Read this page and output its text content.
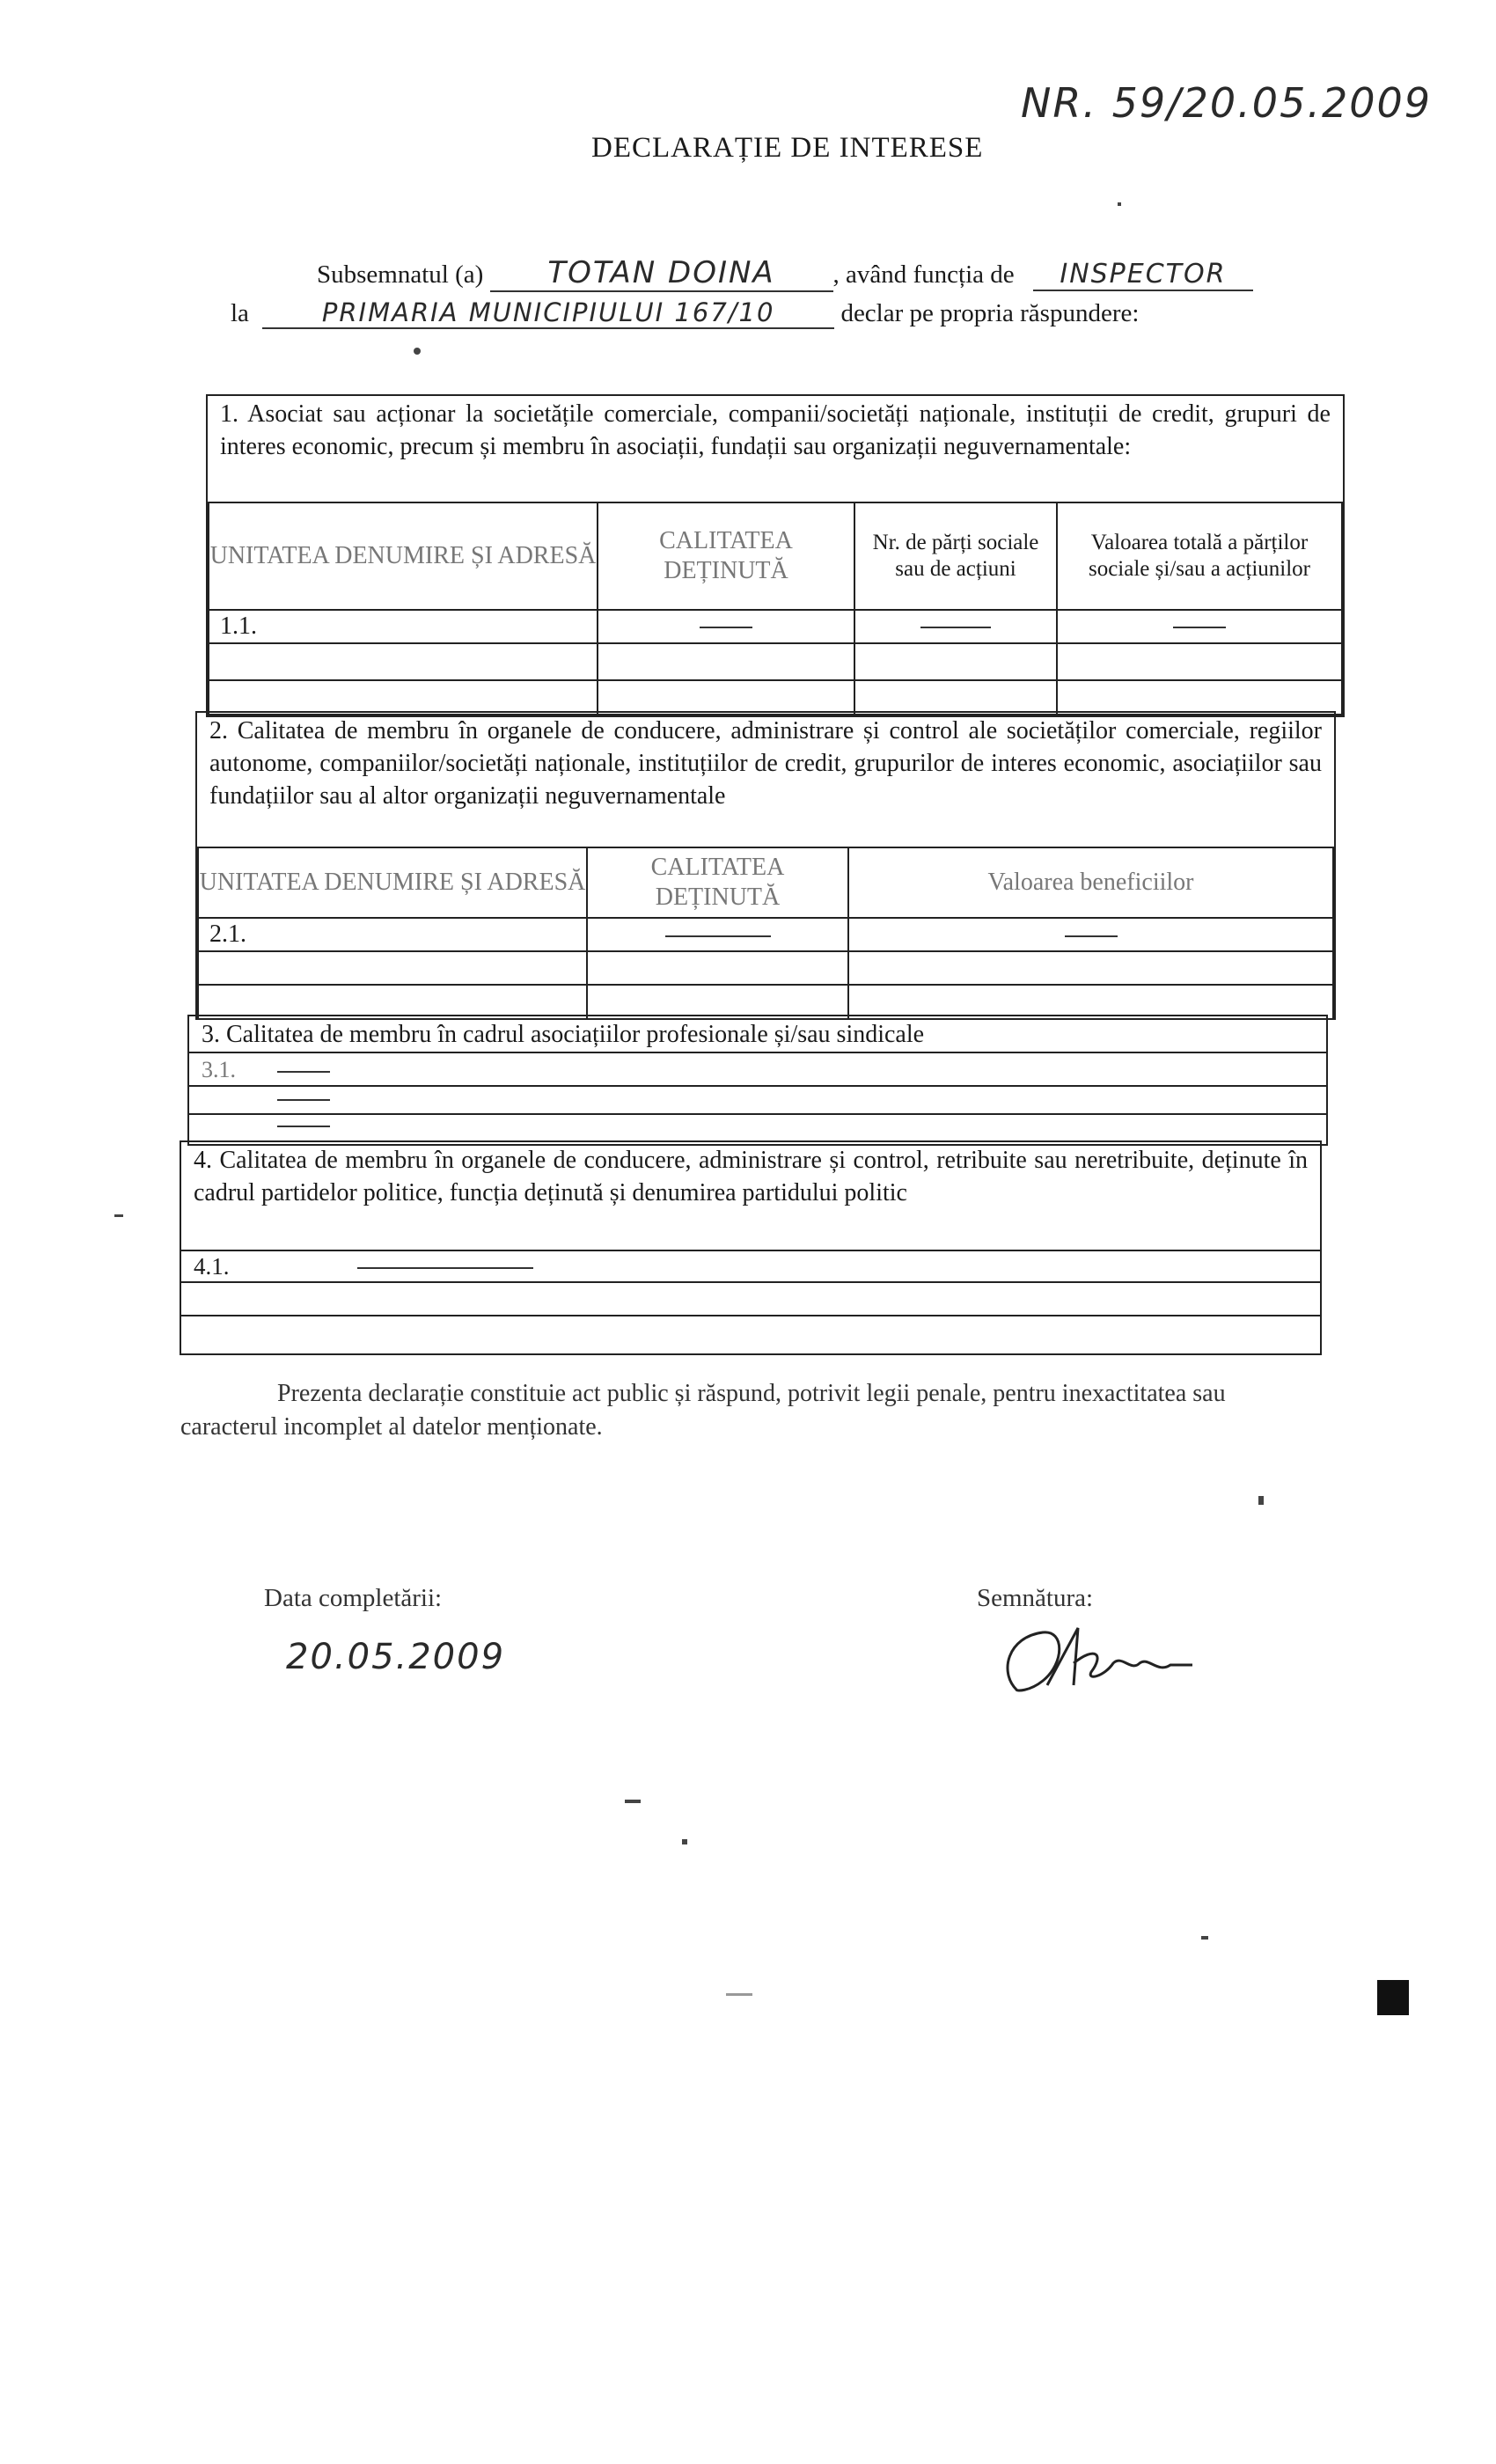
DECLARAȚIE DE INTERESE
NR. 59/20.05.2009
Subsemnatul (a) TOTAN DOINA , având funcția de INSPECTOR
la	PRIMARIA MUNICIPIULUI 167/10	declar pe propria răspundere:
1. Asociat sau acționar la societățile comerciale, companii/societăți naționale, instituții de credit, grupuri de interes economic, precum și membru în asociații, fundații sau organizații neguvernamentale:
UNITATEA DENUMIRE ȘI ADRESĂ	CALITATEA DEȚINUTĂ	Nr. de părți sociale sau de acțiuni	Valoarea totală a părților sociale și/sau a acțiunilor

1.1.			

2. Calitatea de membru în organele de conducere, administrare și control ale societăților comerciale, regiilor autonome, companiilor/societăți naționale, instituțiilor de credit, grupurilor de interes economic, asociațiilor sau fundațiilor sau al altor organizații neguvernamentale
UNITATEA DENUMIRE ȘI ADRESĂ	CALITATEA DEȚINUTĂ	Valoarea beneficiilor
2.1.		

3. Calitatea de membru în cadrul asociațiilor profesionale și/sau sindicale
3.1.
4. Calitatea de membru în organele de conducere, administrare și control, retribuite sau neretribuite, deținute în cadrul partidelor politice, funcția deținută și denumirea partidului politic
4.1.
Prezenta declarație constituie act public și răspund, potrivit legii penale, pentru inexactitatea sau caracterul incomplet al datelor menționate.
Data completării:
20.05.2009
Semnătura:
